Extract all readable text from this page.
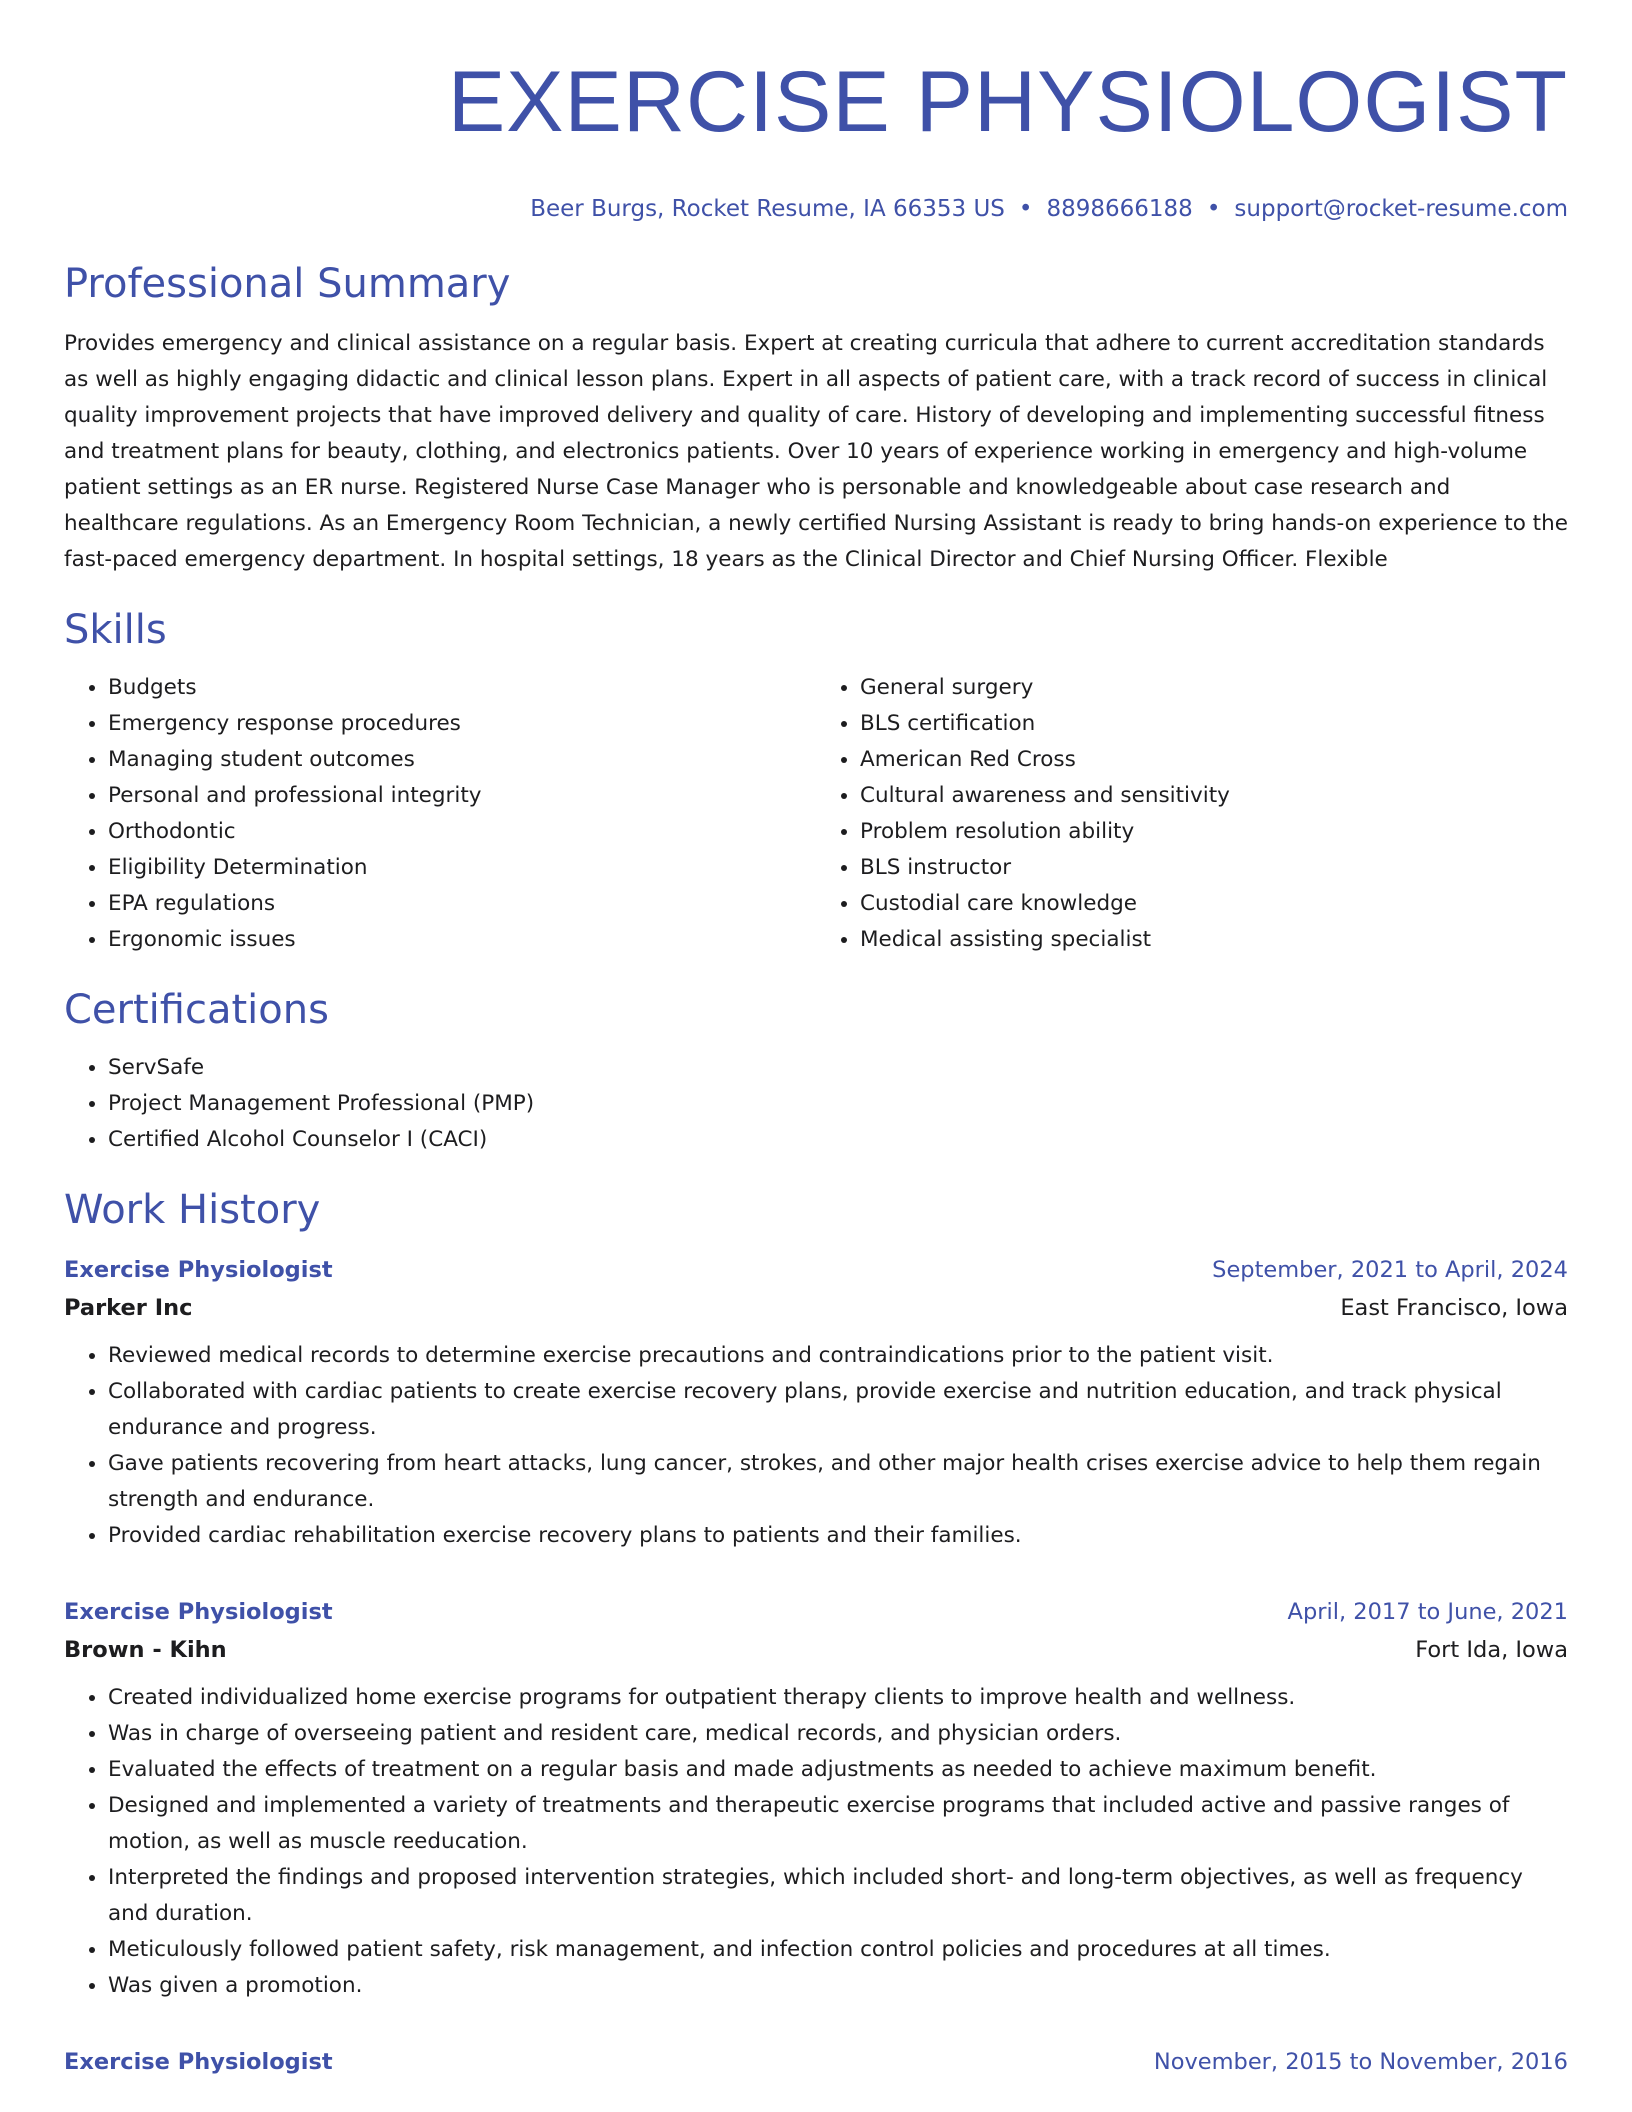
EXERCISE PHYSIOLOGIST
Beer Burgs, Rocket Resume, IA 66353 US • 8898666188 • support@rocket-resume.com
Professional Summary

Provides emergency and clinical assistance on a regular basis. Expert at creating curricula that adhere to current accreditation standards as well as highly engaging didactic and clinical lesson plans. Expert in all aspects of patient care, with a track record of success in clinical quality improvement projects that have improved delivery and quality of care. History of developing and implementing successful fitness and treatment plans for beauty, clothing, and electronics patients. Over 10 years of experience working in emergency and high-volume patient settings as an ER nurse. Registered Nurse Case Manager who is personable and knowledgeable about case research and healthcare regulations. As an Emergency Room Technician, a newly certified Nursing Assistant is ready to bring hands-on experience to the fast-paced emergency department. In hospital settings, 18 years as the Clinical Director and Chief Nursing Officer. Flexible

Skills
• Budgets
• Emergency response procedures
• Managing student outcomes
• Personal and professional integrity
• Orthodontic
• Eligibility Determination
• EPA regulations
• Ergonomic issues
• General surgery
• BLS certification
• American Red Cross
• Cultural awareness and sensitivity
• Problem resolution ability
• BLS instructor
• Custodial care knowledge
• Medical assisting specialist
Certifications
• ServSafe
• Project Management Professional (PMP)
• Certified Alcohol Counselor I (CACI)
Work History
Exercise Physiologist	September, 2021 to April, 2024
Parker Inc	East Francisco, Iowa
• Reviewed medical records to determine exercise precautions and contraindications prior to the patient visit.
• Collaborated with cardiac patients to create exercise recovery plans, provide exercise and nutrition education, and track physical endurance and progress.
• Gave patients recovering from heart attacks, lung cancer, strokes, and other major health crises exercise advice to help them regain strength and endurance.
• Provided cardiac rehabilitation exercise recovery plans to patients and their families.
Exercise Physiologist	April, 2017 to June, 2021
Brown - Kihn	Fort Ida, Iowa
• Created individualized home exercise programs for outpatient therapy clients to improve health and wellness.
• Was in charge of overseeing patient and resident care, medical records, and physician orders.
• Evaluated the effects of treatment on a regular basis and made adjustments as needed to achieve maximum benefit.
• Designed and implemented a variety of treatments and therapeutic exercise programs that included active and passive ranges of motion, as well as muscle reeducation.
• Interpreted the findings and proposed intervention strategies, which included short- and long-term objectives, as well as frequency and duration.
• Meticulously followed patient safety, risk management, and infection control policies and procedures at all times.
• Was given a promotion.
Exercise Physiologist	November, 2015 to November, 2016
